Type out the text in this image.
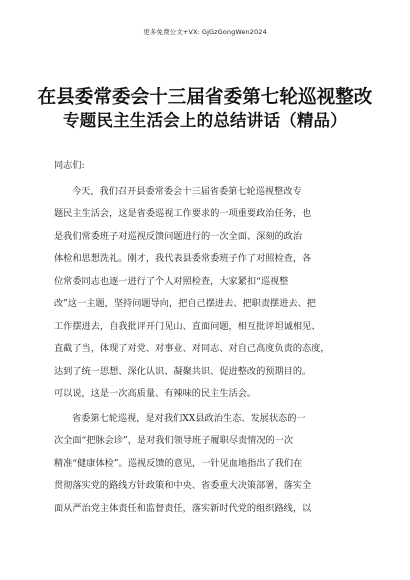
更多免费公文+VX: GjGzGongWen2024
在县委常委会十三届省委第七轮巡视整改
专题民主生活会上的总结讲话（精品）
同志们:

今天，我们召开县委常委会十三届省委第七轮巡视整改专
题民主生活会，这是省委巡视工作要求的一项重要政治任务，也
是我们常委班子对巡视反馈问题进行的一次全面、深刻的政治
体检和思想洗礼。刚才，我代表县委常委班子作了对照检查，各
位常委同志也逐一进行了个人对照检查，大家紧扣“巡视整
改”这一主题，坚持问题导向，把自己摆进去、把职责摆进去、把
工作摆进去，自我批评开门见山、直面问题，相互批评坦诚相见、
直截了当，体现了对党、对事业、对同志、对自己高度负责的态度，
达到了统一思想、深化认识、凝聚共识、促进整改的预期目的。
可以说，这是一次高质量、有辣味的民主生活会。

省委第七轮巡视，是对我们XX县政治生态、发展状态的一
次全面“把脉会诊”，是对我们领导班子履职尽责情况的一次
精准“健康体检”。巡视反馈的意见，一针见血地指出了我们在
贯彻落实党的路线方针政策和中央、省委重大决策部署，落实全
面从严治党主体责任和监督责任，落实新时代党的组织路线，以
